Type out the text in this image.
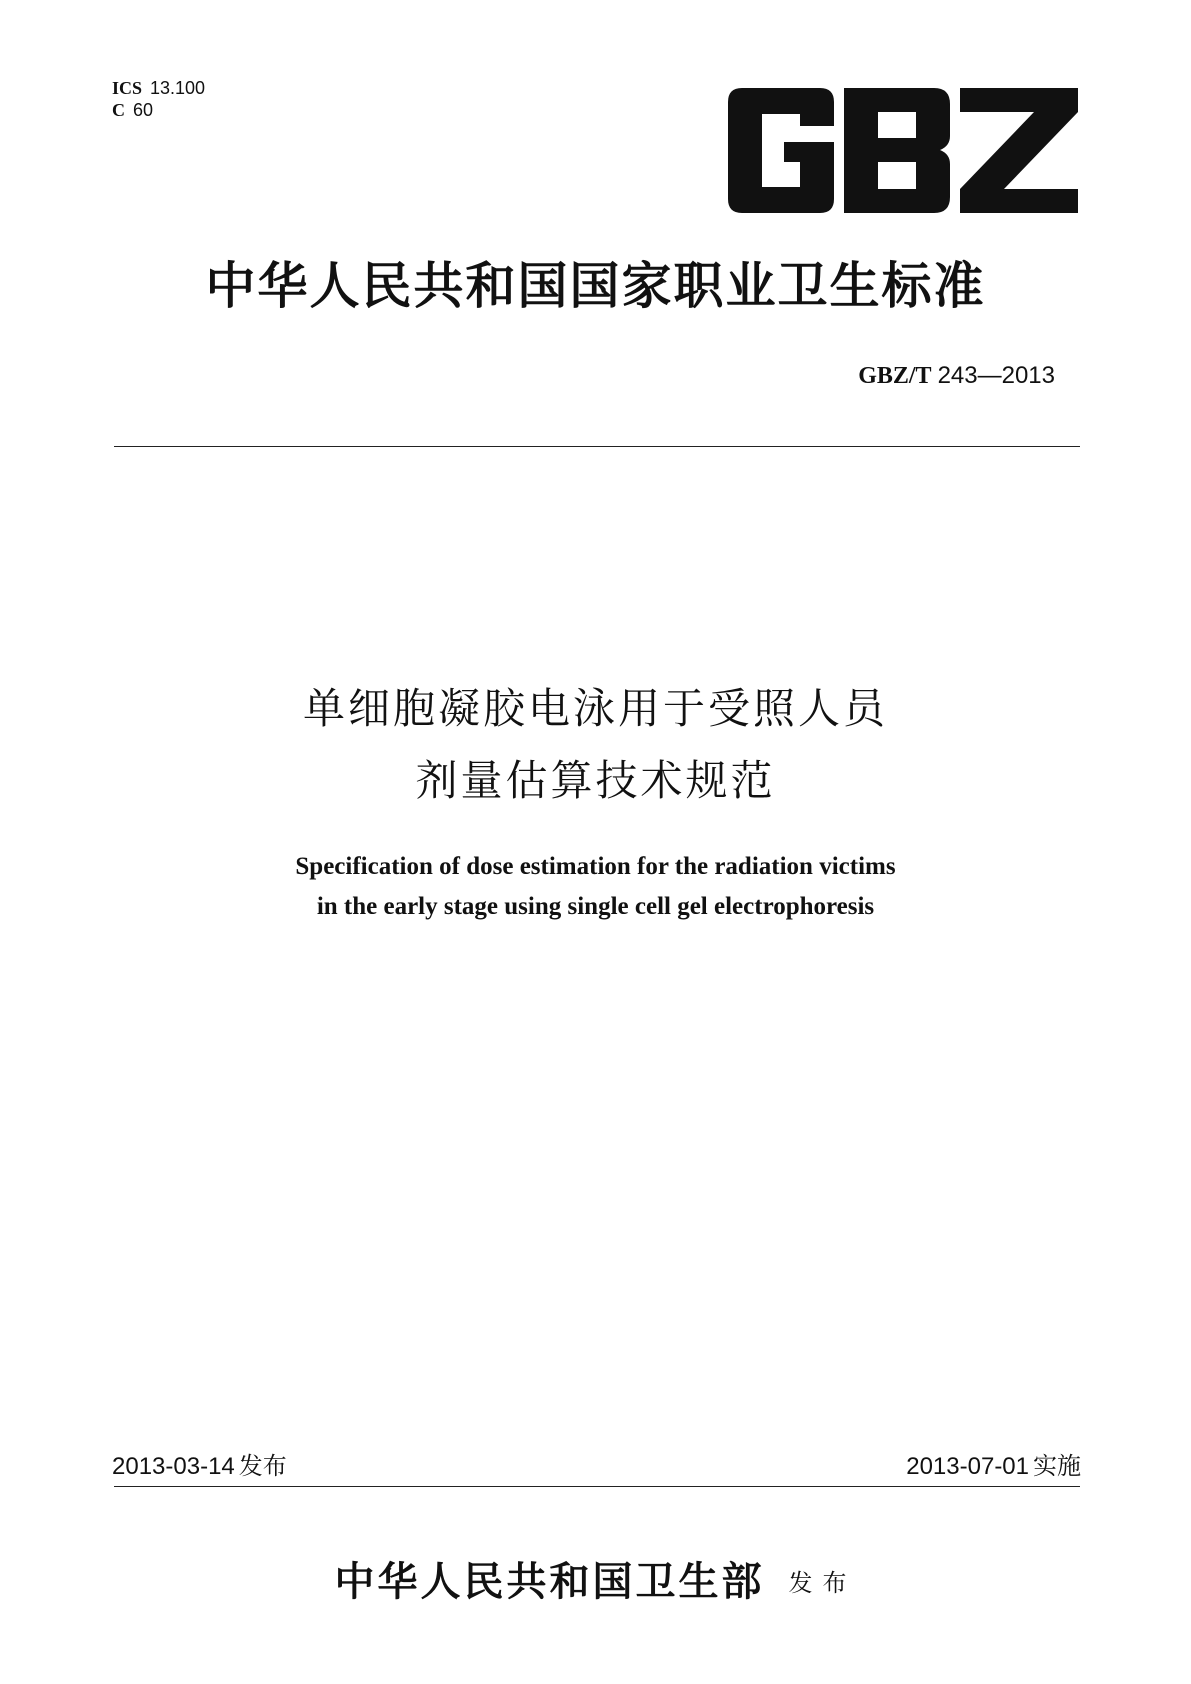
ICS 13.100
C 60
中华人民共和国国家职业卫生标准
GBZ/T 243—2013
单细胞凝胶电泳用于受照人员
剂量估算技术规范
Specification of dose estimation for the radiation victims
in the early stage using single cell gel electrophoresis
2013-03-14 发布	2013-07-01 实施
中华人民共和国卫生部 发布
